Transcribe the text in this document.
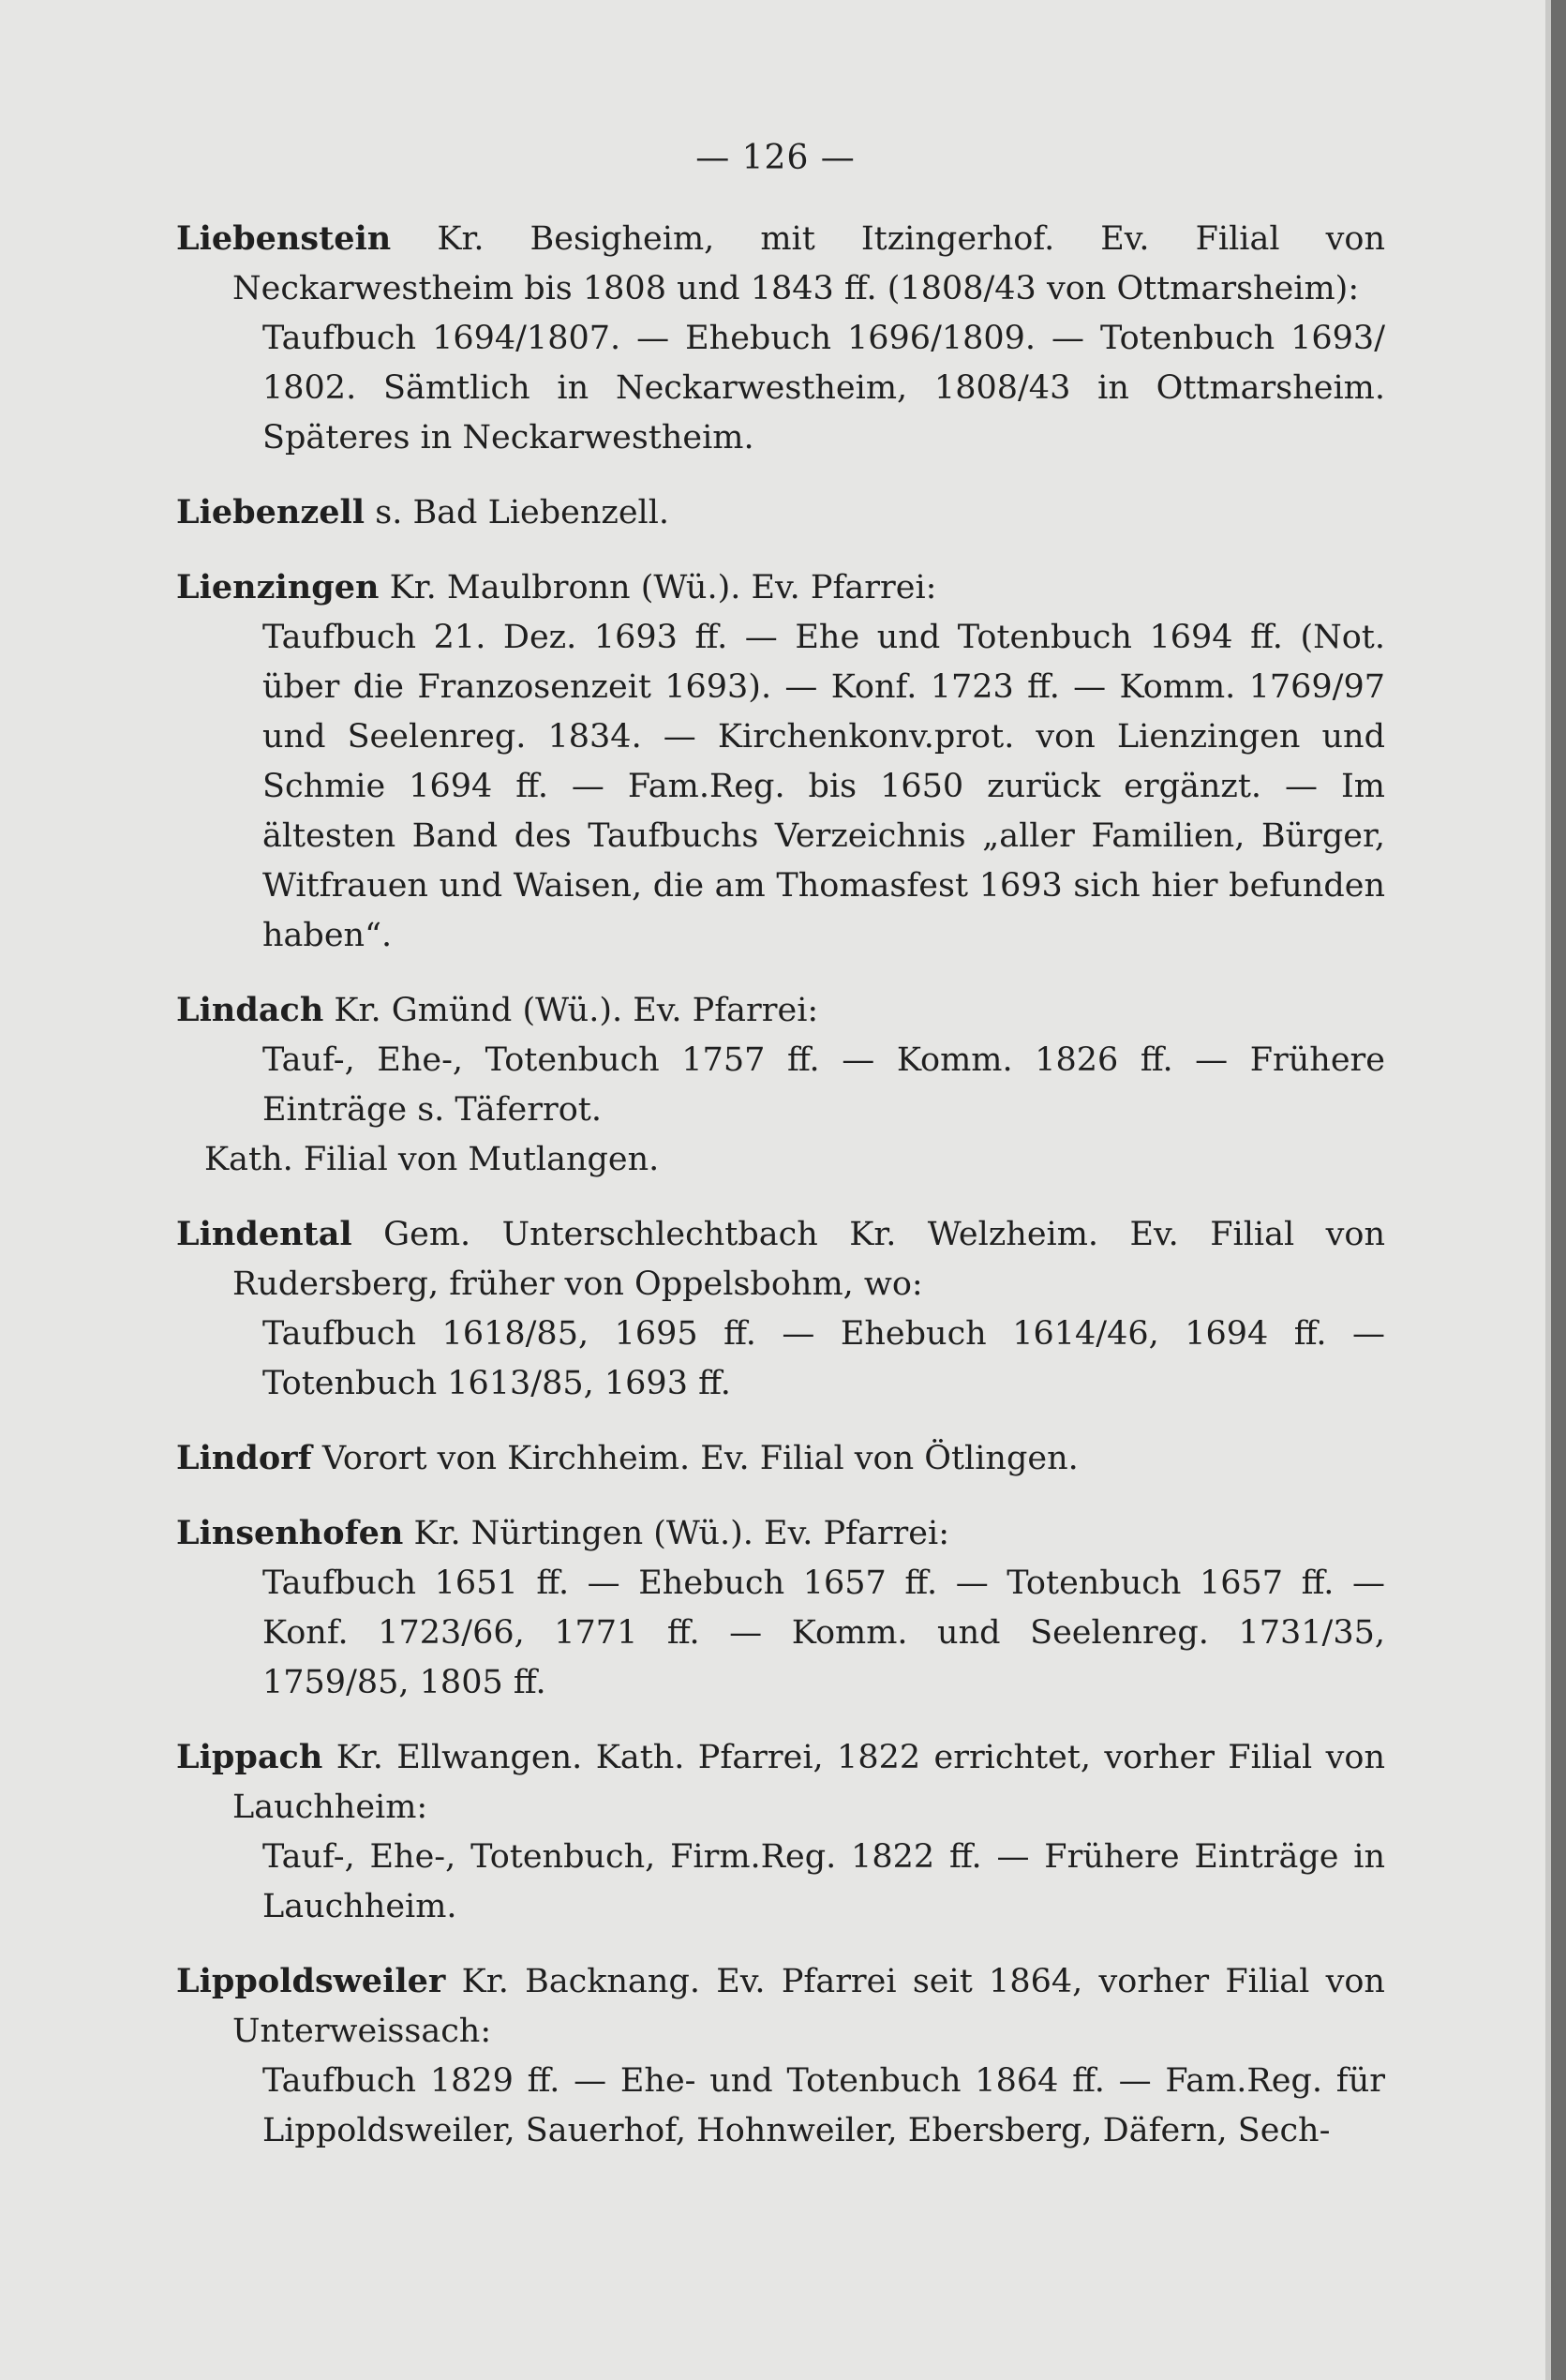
— 126 —

Liebenstein Kr. Besigheim, mit Itzingerhof. Ev. Filial von Neckarwestheim bis 1808 und 1843 ff. (1808/43 von Ottmarsheim):

Taufbuch 1694/1807. — Ehebuch 1696/1809. — Totenbuch 1693/ 1802. Sämtlich in Neckarwestheim, 1808/43 in Ottmarsheim. Späteres in Neckarwestheim.

Liebenzell s. Bad Liebenzell.

Lienzingen Kr. Maulbronn (Wü.). Ev. Pfarrei:

Taufbuch 21. Dez. 1693 ff. — Ehe und Totenbuch 1694 ff. (Not. über die Franzosenzeit 1693). — Konf. 1723 ff. — Komm. 1769/97 und Seelenreg. 1834. — Kirchenkonv.prot. von Lienzingen und Schmie 1694 ff. — Fam.Reg. bis 1650 zurück ergänzt. — Im ältesten Band des Taufbuchs Verzeichnis „aller Familien, Bürger, Witfrauen und Waisen, die am Thomasfest 1693 sich hier befunden haben“.

Lindach Kr. Gmünd (Wü.). Ev. Pfarrei:

Tauf-, Ehe-, Totenbuch 1757 ff. — Komm. 1826 ff. — Frühere Einträge s. Täferrot.

Kath. Filial von Mutlangen.

Lindental Gem. Unterschlechtbach Kr. Welzheim. Ev. Filial von Rudersberg, früher von Oppelsbohm, wo:

Taufbuch 1618/85, 1695 ff. — Ehebuch 1614/46, 1694 ff. — Totenbuch 1613/85, 1693 ff.

Lindorf Vorort von Kirchheim. Ev. Filial von Ötlingen.

Linsenhofen Kr. Nürtingen (Wü.). Ev. Pfarrei:

Taufbuch 1651 ff. — Ehebuch 1657 ff. — Totenbuch 1657 ff. — Konf. 1723/66, 1771 ff. — Komm. und Seelenreg. 1731/35, 1759/85, 1805 ff.

Lippach Kr. Ellwangen. Kath. Pfarrei, 1822 errichtet, vorher Filial von Lauchheim:

Tauf-, Ehe-, Totenbuch, Firm.Reg. 1822 ff. — Frühere Einträge in Lauchheim.

Lippoldsweiler Kr. Backnang. Ev. Pfarrei seit 1864, vorher Filial von Unterweissach:

Taufbuch 1829 ff. — Ehe- und Totenbuch 1864 ff. — Fam.Reg. für Lippoldsweiler, Sauerhof, Hohnweiler, Ebersberg, Däfern, Sech-
